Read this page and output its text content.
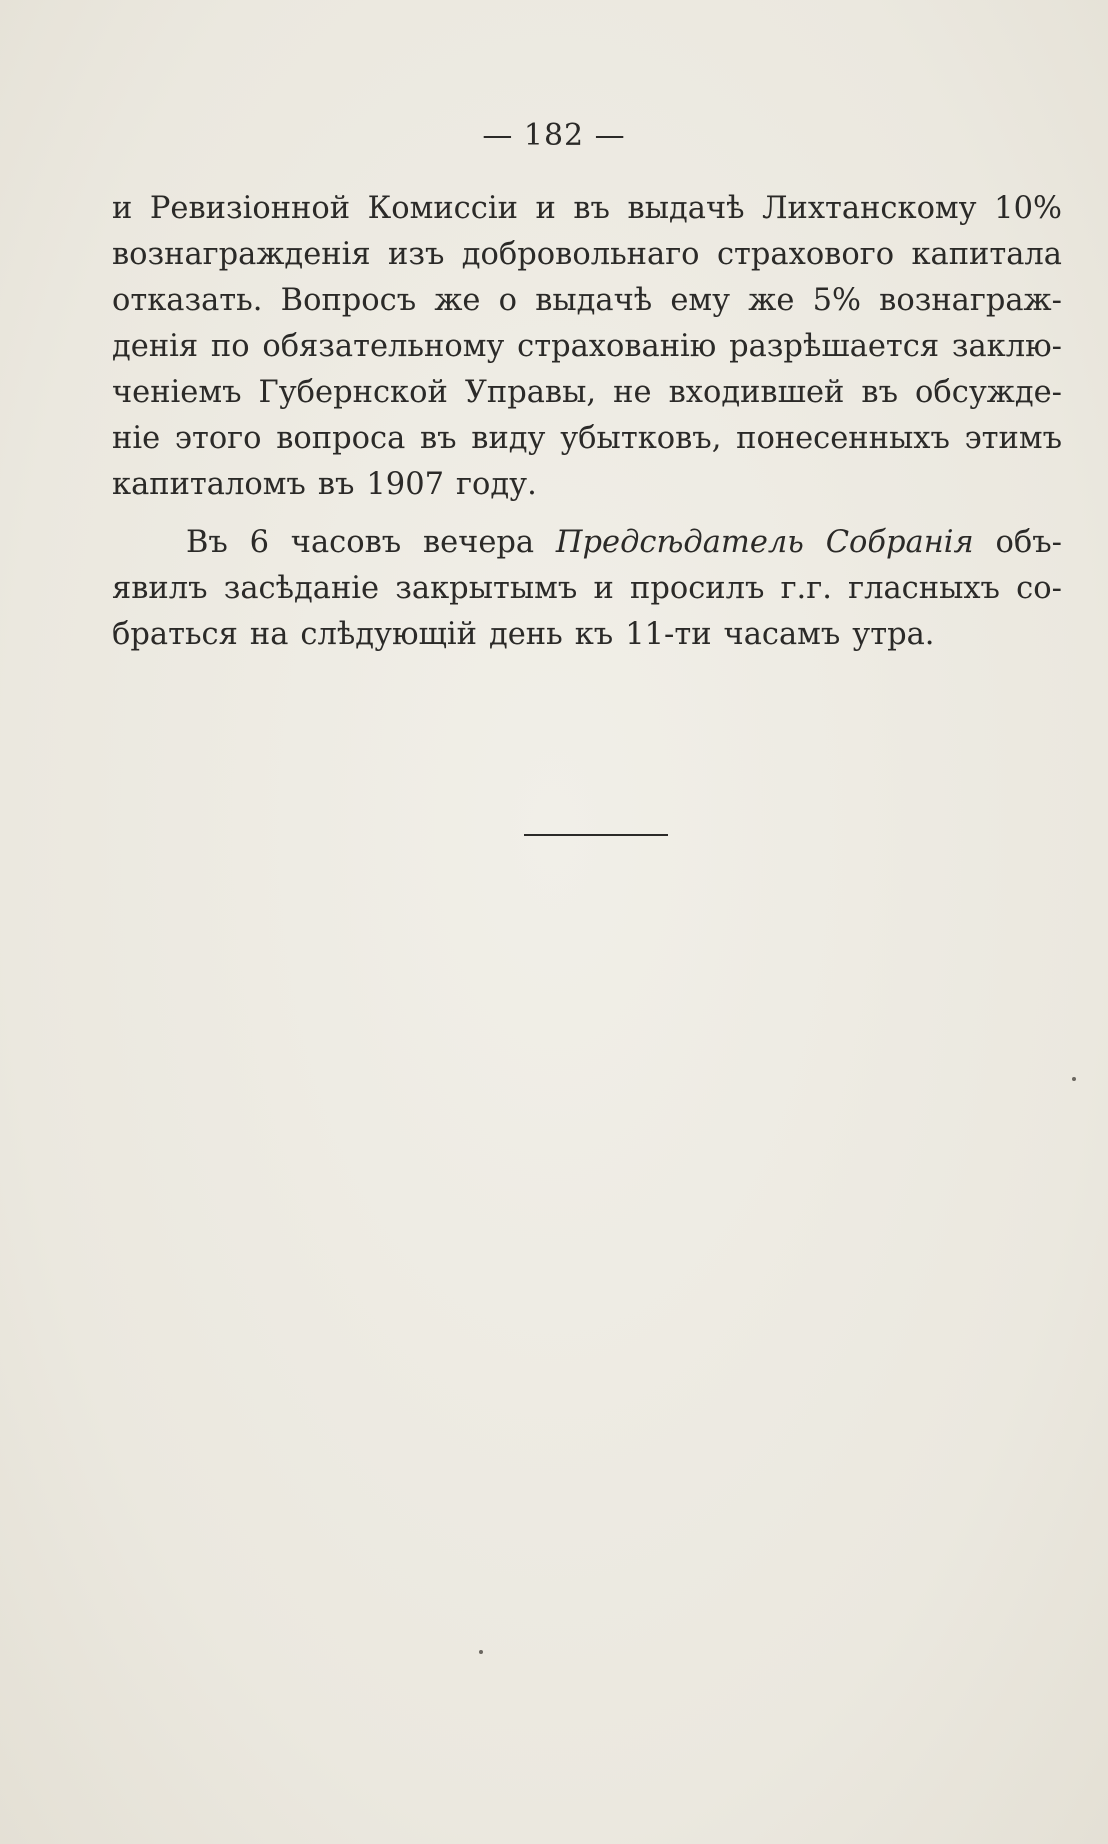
— 182 —
и Ревизіонной Комиссіи и въ выдачѣ Лихтанскому 10%
вознагражденія изъ добровольнаго страхового капитала
отказать. Вопросъ же о выдачѣ ему же 5% вознаграж-
денія по обязательному страхованію разрѣшается заклю-
ченіемъ Губернской Управы, не входившей въ обсужде-
ніе этого вопроса въ виду убытковъ, понесенныхъ этимъ
капиталомъ въ 1907 году.
Въ 6 часовъ вечера Предсѣдатель Собранія объ-
явилъ засѣданіе закрытымъ и просилъ г.г. гласныхъ со-
браться на слѣдующій день къ 11-ти часамъ утра.
